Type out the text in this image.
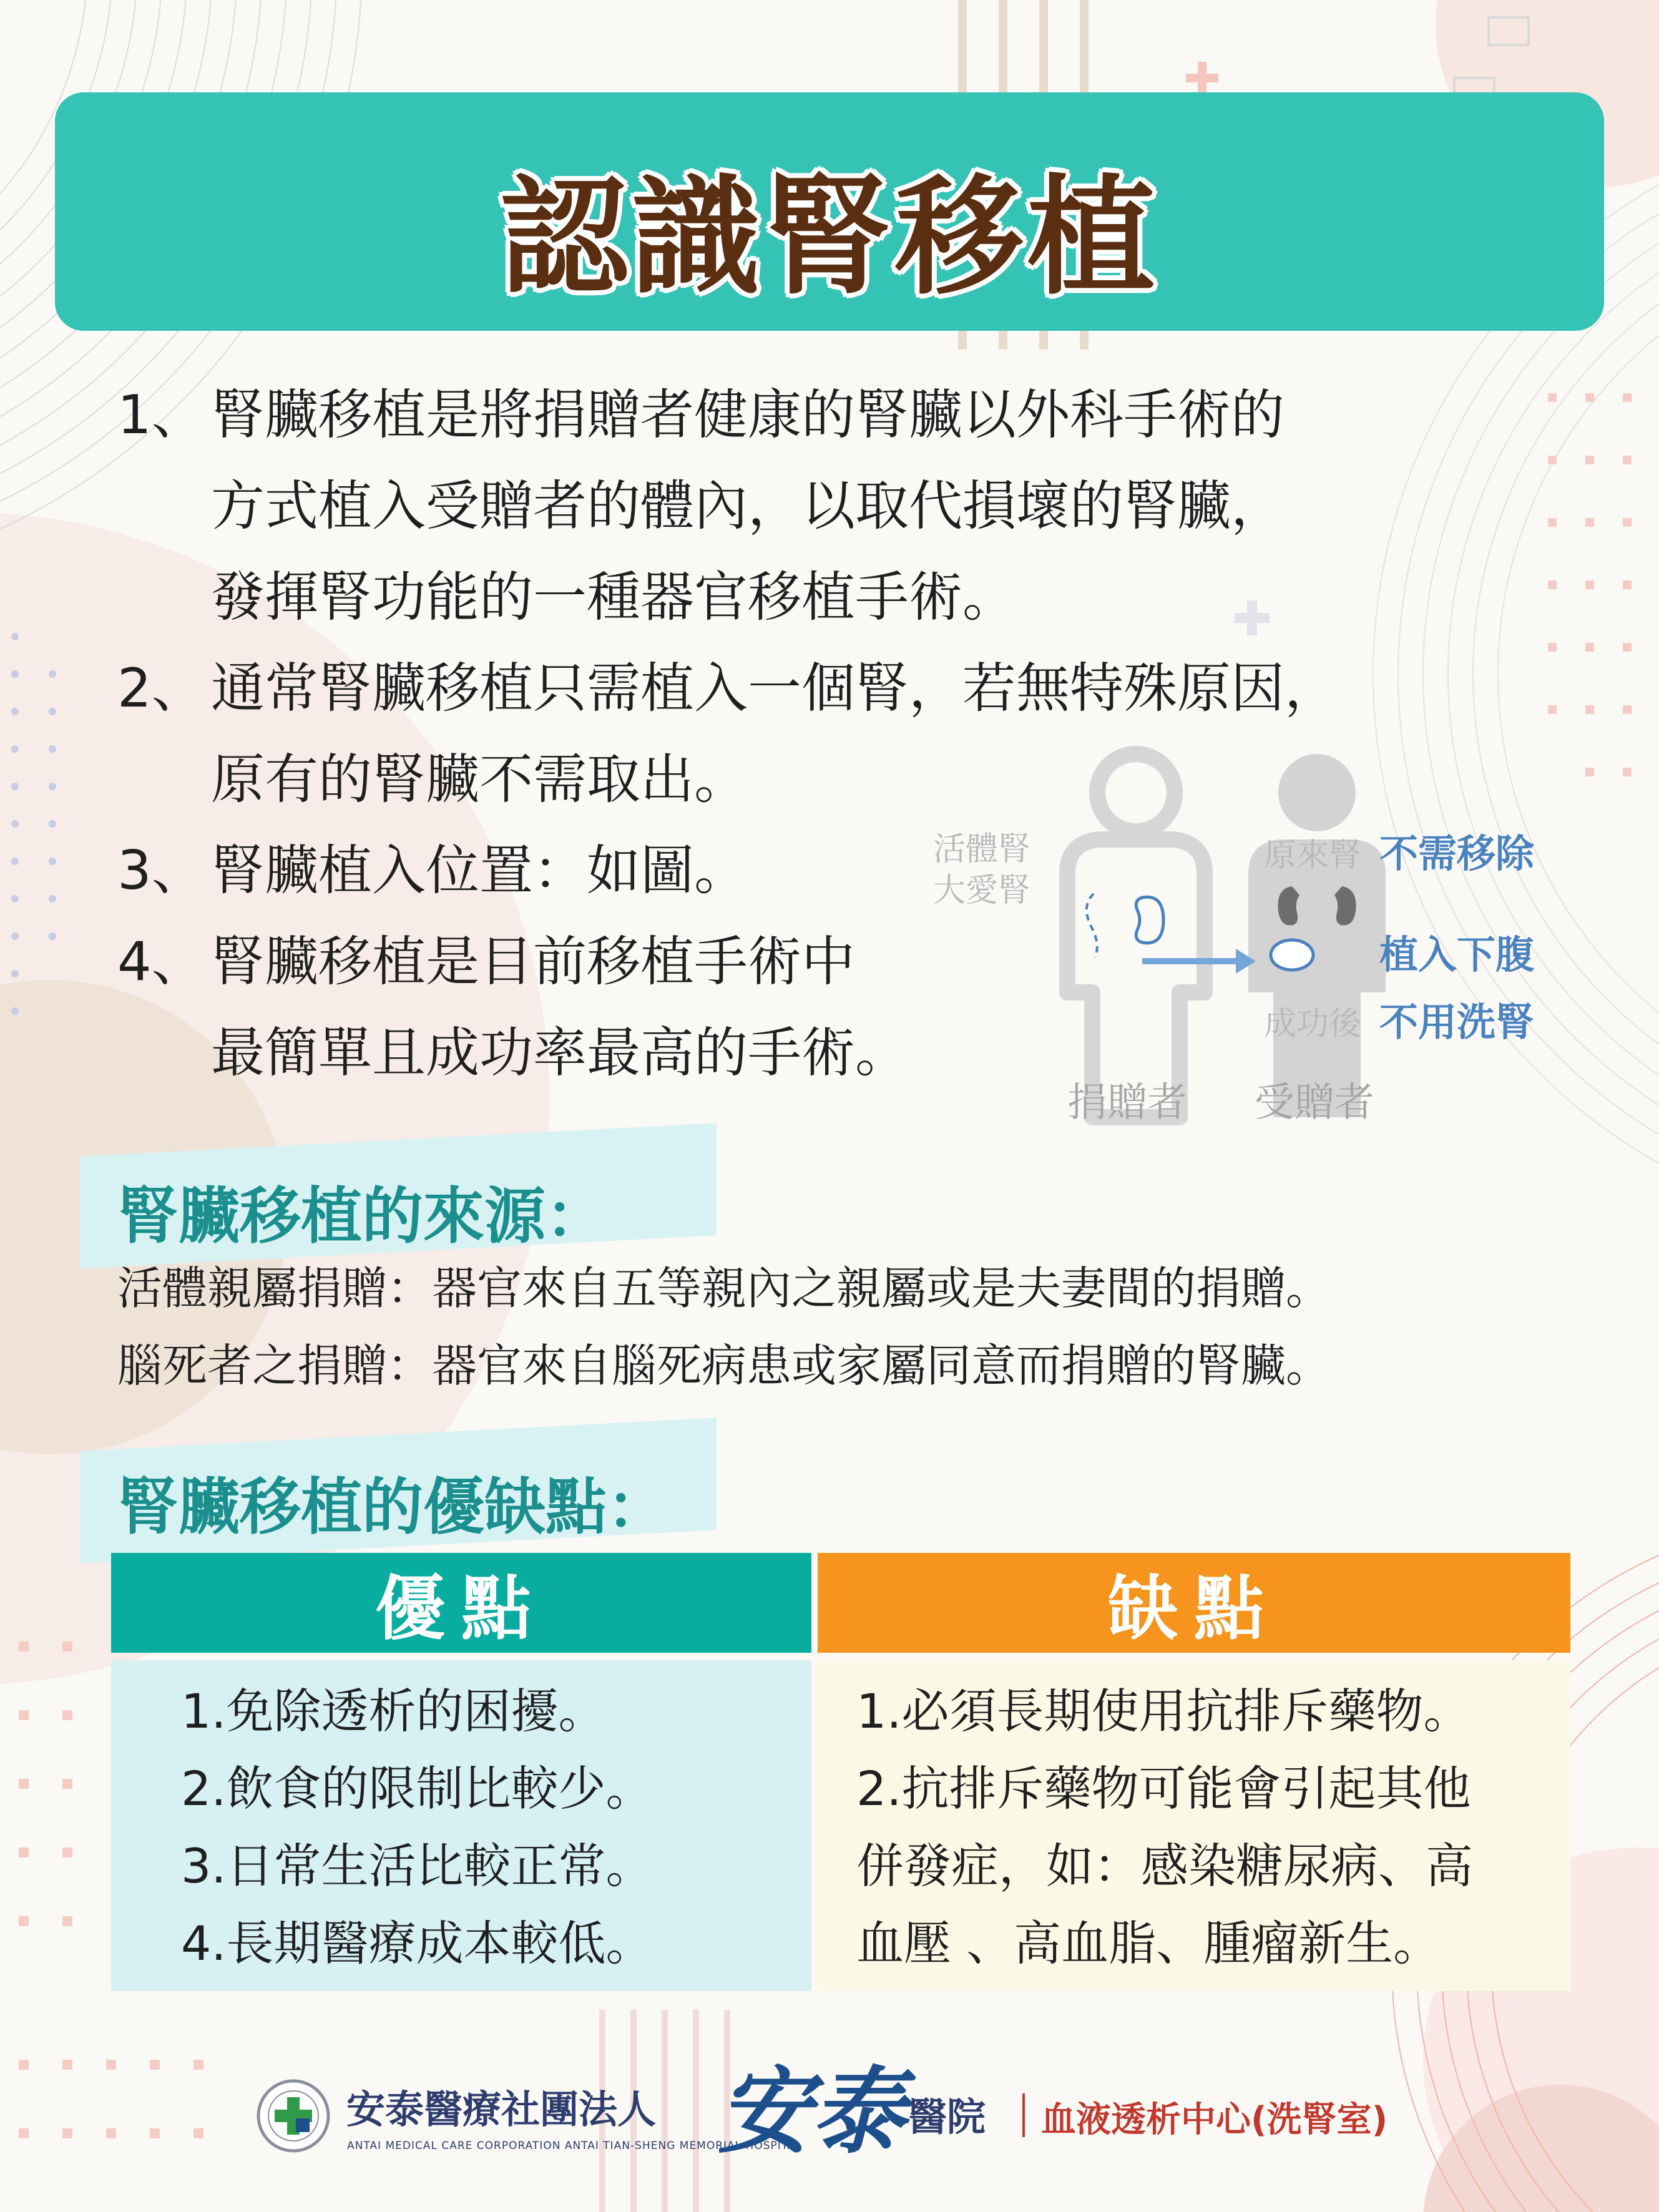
認識腎移植
1、 腎臟移植是將捐贈者健康的腎臟以外科手術的
方式植入受贈者的體內，以取代損壞的腎臟，
發揮腎功能的一種器官移植手術。
2、 通常腎臟移植只需植入一個腎，若無特殊原因，
原有的腎臟不需取出。
3、 腎臟植入位置：如圖。
4、 腎臟移植是目前移植手術中
最簡單且成功率最高的手術。
活體腎
大愛腎
原來腎 不需移除
植入下腹
成功後 不用洗腎
捐贈者 受贈者
腎臟移植的來源：
活體親屬捐贈：器官來自五等親內之親屬或是夫妻間的捐贈。
腦死者之捐贈：器官來自腦死病患或家屬同意而捐贈的腎臟。
腎臟移植的優缺點：
優點	缺點
1.免除透析的困擾。
2.飲食的限制比較少。
3.日常生活比較正常。
4.長期醫療成本較低。
1.必須長期使用抗排斥藥物。
2.抗排斥藥物可能會引起其他
併發症，如：感染糖尿病、高
血壓 、高血脂、腫瘤新生。
安泰醫療社團法人
ANTAI MEDICAL CARE CORPORATION ANTAI TIAN-SHENG MEMORIAL HOSPITAL
安泰 醫院 血液透析中心(洗腎室)
